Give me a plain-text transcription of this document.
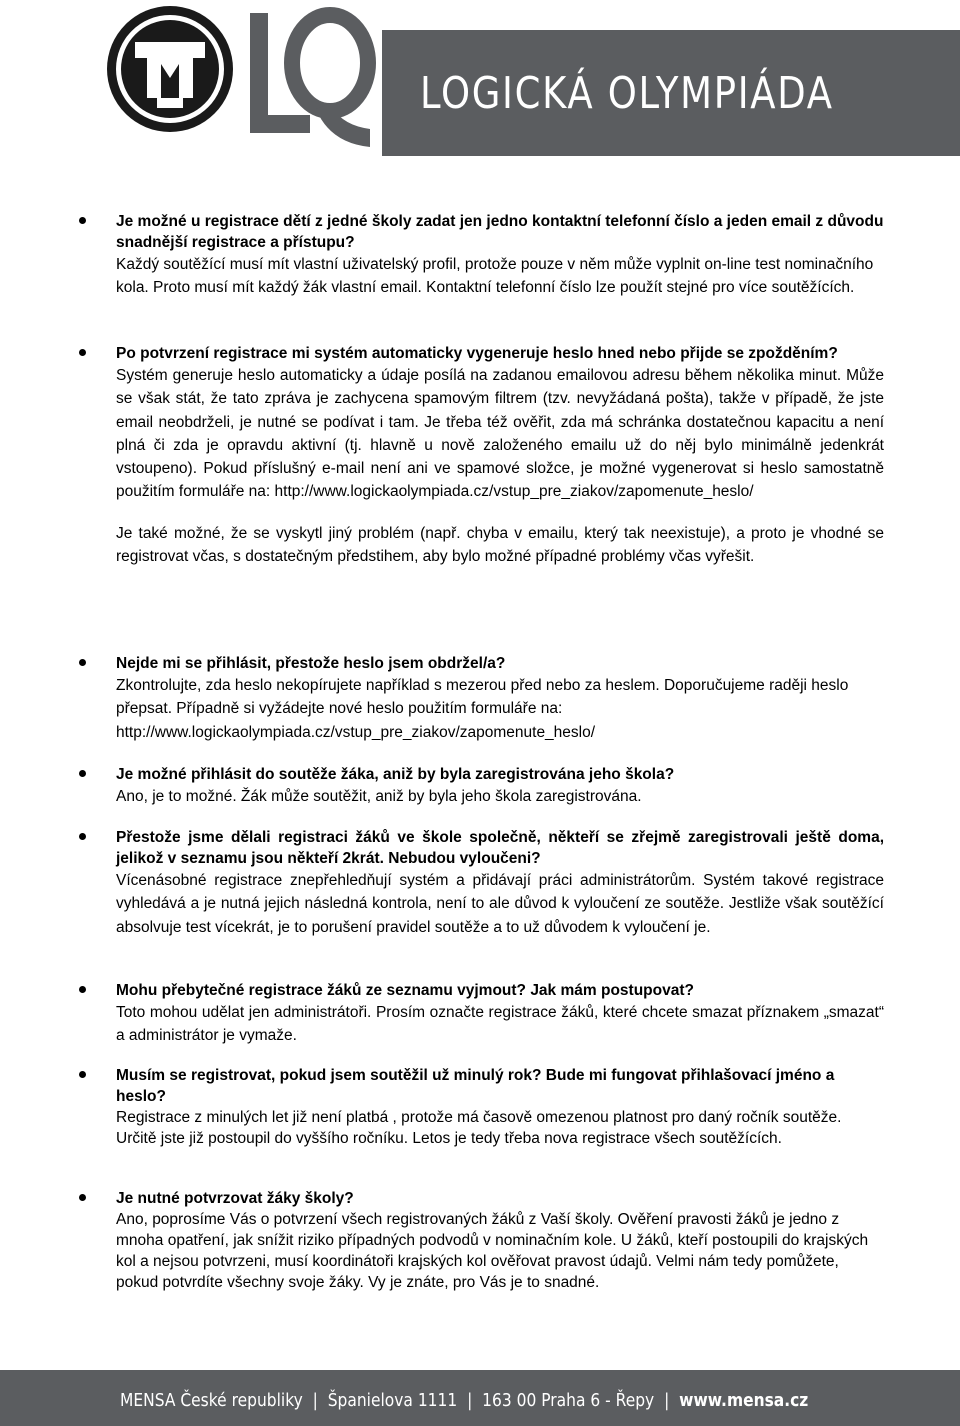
LOGICKÁ OLYMPIÁDA
Je možné u registrace dětí z jedné školy zadat jen jedno kontaktní telefonní číslo a jeden email z důvodu snadnější registrace a přístupu?

Každý soutěžící musí mít vlastní uživatelský profil, protože pouze v něm může vyplnit on-line test nominačního kola. Proto musí mít každý žák vlastní email. Kontaktní telefonní číslo lze použít stejné pro více soutěžících.

Po potvrzení registrace mi systém automaticky vygeneruje heslo hned nebo přijde se zpožděním?

Systém generuje heslo automaticky a údaje posílá na zadanou emailovou adresu během několika minut. Může se však stát, že tato zpráva je zachycena spamovým filtrem (tzv. nevyžádaná pošta), takže v případě, že jste email neobdrželi, je nutné se podívat i tam. Je třeba též ověřit, zda má schránka dostatečnou kapacitu a není plná či zda je opravdu aktivní (tj. hlavně u nově založeného emailu už do něj bylo minimálně jedenkrát vstoupeno). Pokud příslušný e-mail není ani ve spamové složce, je možné vygenerovat si heslo samostatně použitím formuláře na: http://www.logickaolympiada.cz/vstup_pre_ziakov/zapomenute_heslo/

Je také možné, že se vyskytl jiný problém (např. chyba v emailu, který tak neexistuje), a proto je vhodné se registrovat včas, s dostatečným předstihem, aby bylo možné případné problémy včas vyřešit.

Nejde mi se přihlásit, přestože heslo jsem obdržel/a?

Zkontrolujte, zda heslo nekopírujete například s mezerou před nebo za heslem. Doporučujeme raději heslo přepsat. Případně si vyžádejte nové heslo použitím formuláře na: http://www.logickaolympiada.cz/vstup_pre_ziakov/zapomenute_heslo/

Je možné přihlásit do soutěže žáka, aniž by byla zaregistrována jeho škola?

Ano, je to možné. Žák může soutěžit, aniž by byla jeho škola zaregistrována.

Přestože jsme dělali registraci žáků ve škole společně, někteří se zřejmě zaregistrovali ještě doma, jelikož v seznamu jsou někteří 2krát. Nebudou vyloučeni?

Vícenásobné registrace znepřehledňují systém a přidávají práci administrátorům. Systém takové registrace vyhledává a je nutná jejich následná kontrola, není to ale důvod k vyloučení ze soutěže. Jestliže však soutěžící absolvuje test vícekrát, je to porušení pravidel soutěže a to už důvodem k vyloučení je.

Mohu přebytečné registrace žáků ze seznamu vyjmout? Jak mám postupovat?

Toto mohou udělat jen administrátoři. Prosím označte registrace žáků, které chcete smazat příznakem „smazat“ a administrátor je vymaže.

Musím se registrovat, pokud jsem soutěžil už minulý rok? Bude mi fungovat přihlašovací jméno a heslo?

Registrace z minulých let již není platbá , protože má časově omezenou platnost pro daný ročník soutěže. Určitě jste již postoupil do vyššího ročníku. Letos je tedy třeba nova registrace všech soutěžících.

Je nutné potvrzovat žáky školy?

Ano, poprosíme Vás o potvrzení všech registrovaných žáků z Vaší školy. Ověření pravosti žáků je jedno z mnoha opatření, jak snížit riziko případných podvodů v nominačním kole. U žáků, kteří postoupili do krajských kol a nejsou potvrzeni, musí koordinátoři krajských kol ověřovat pravost údajů. Velmi nám tedy pomůžete, pokud potvrdíte všechny svoje žáky. Vy je znáte, pro Vás je to snadné.

MENSA České republiky  |  Španielova 1111  |  163 00 Praha 6 - Řepy  |  www.mensa.cz
